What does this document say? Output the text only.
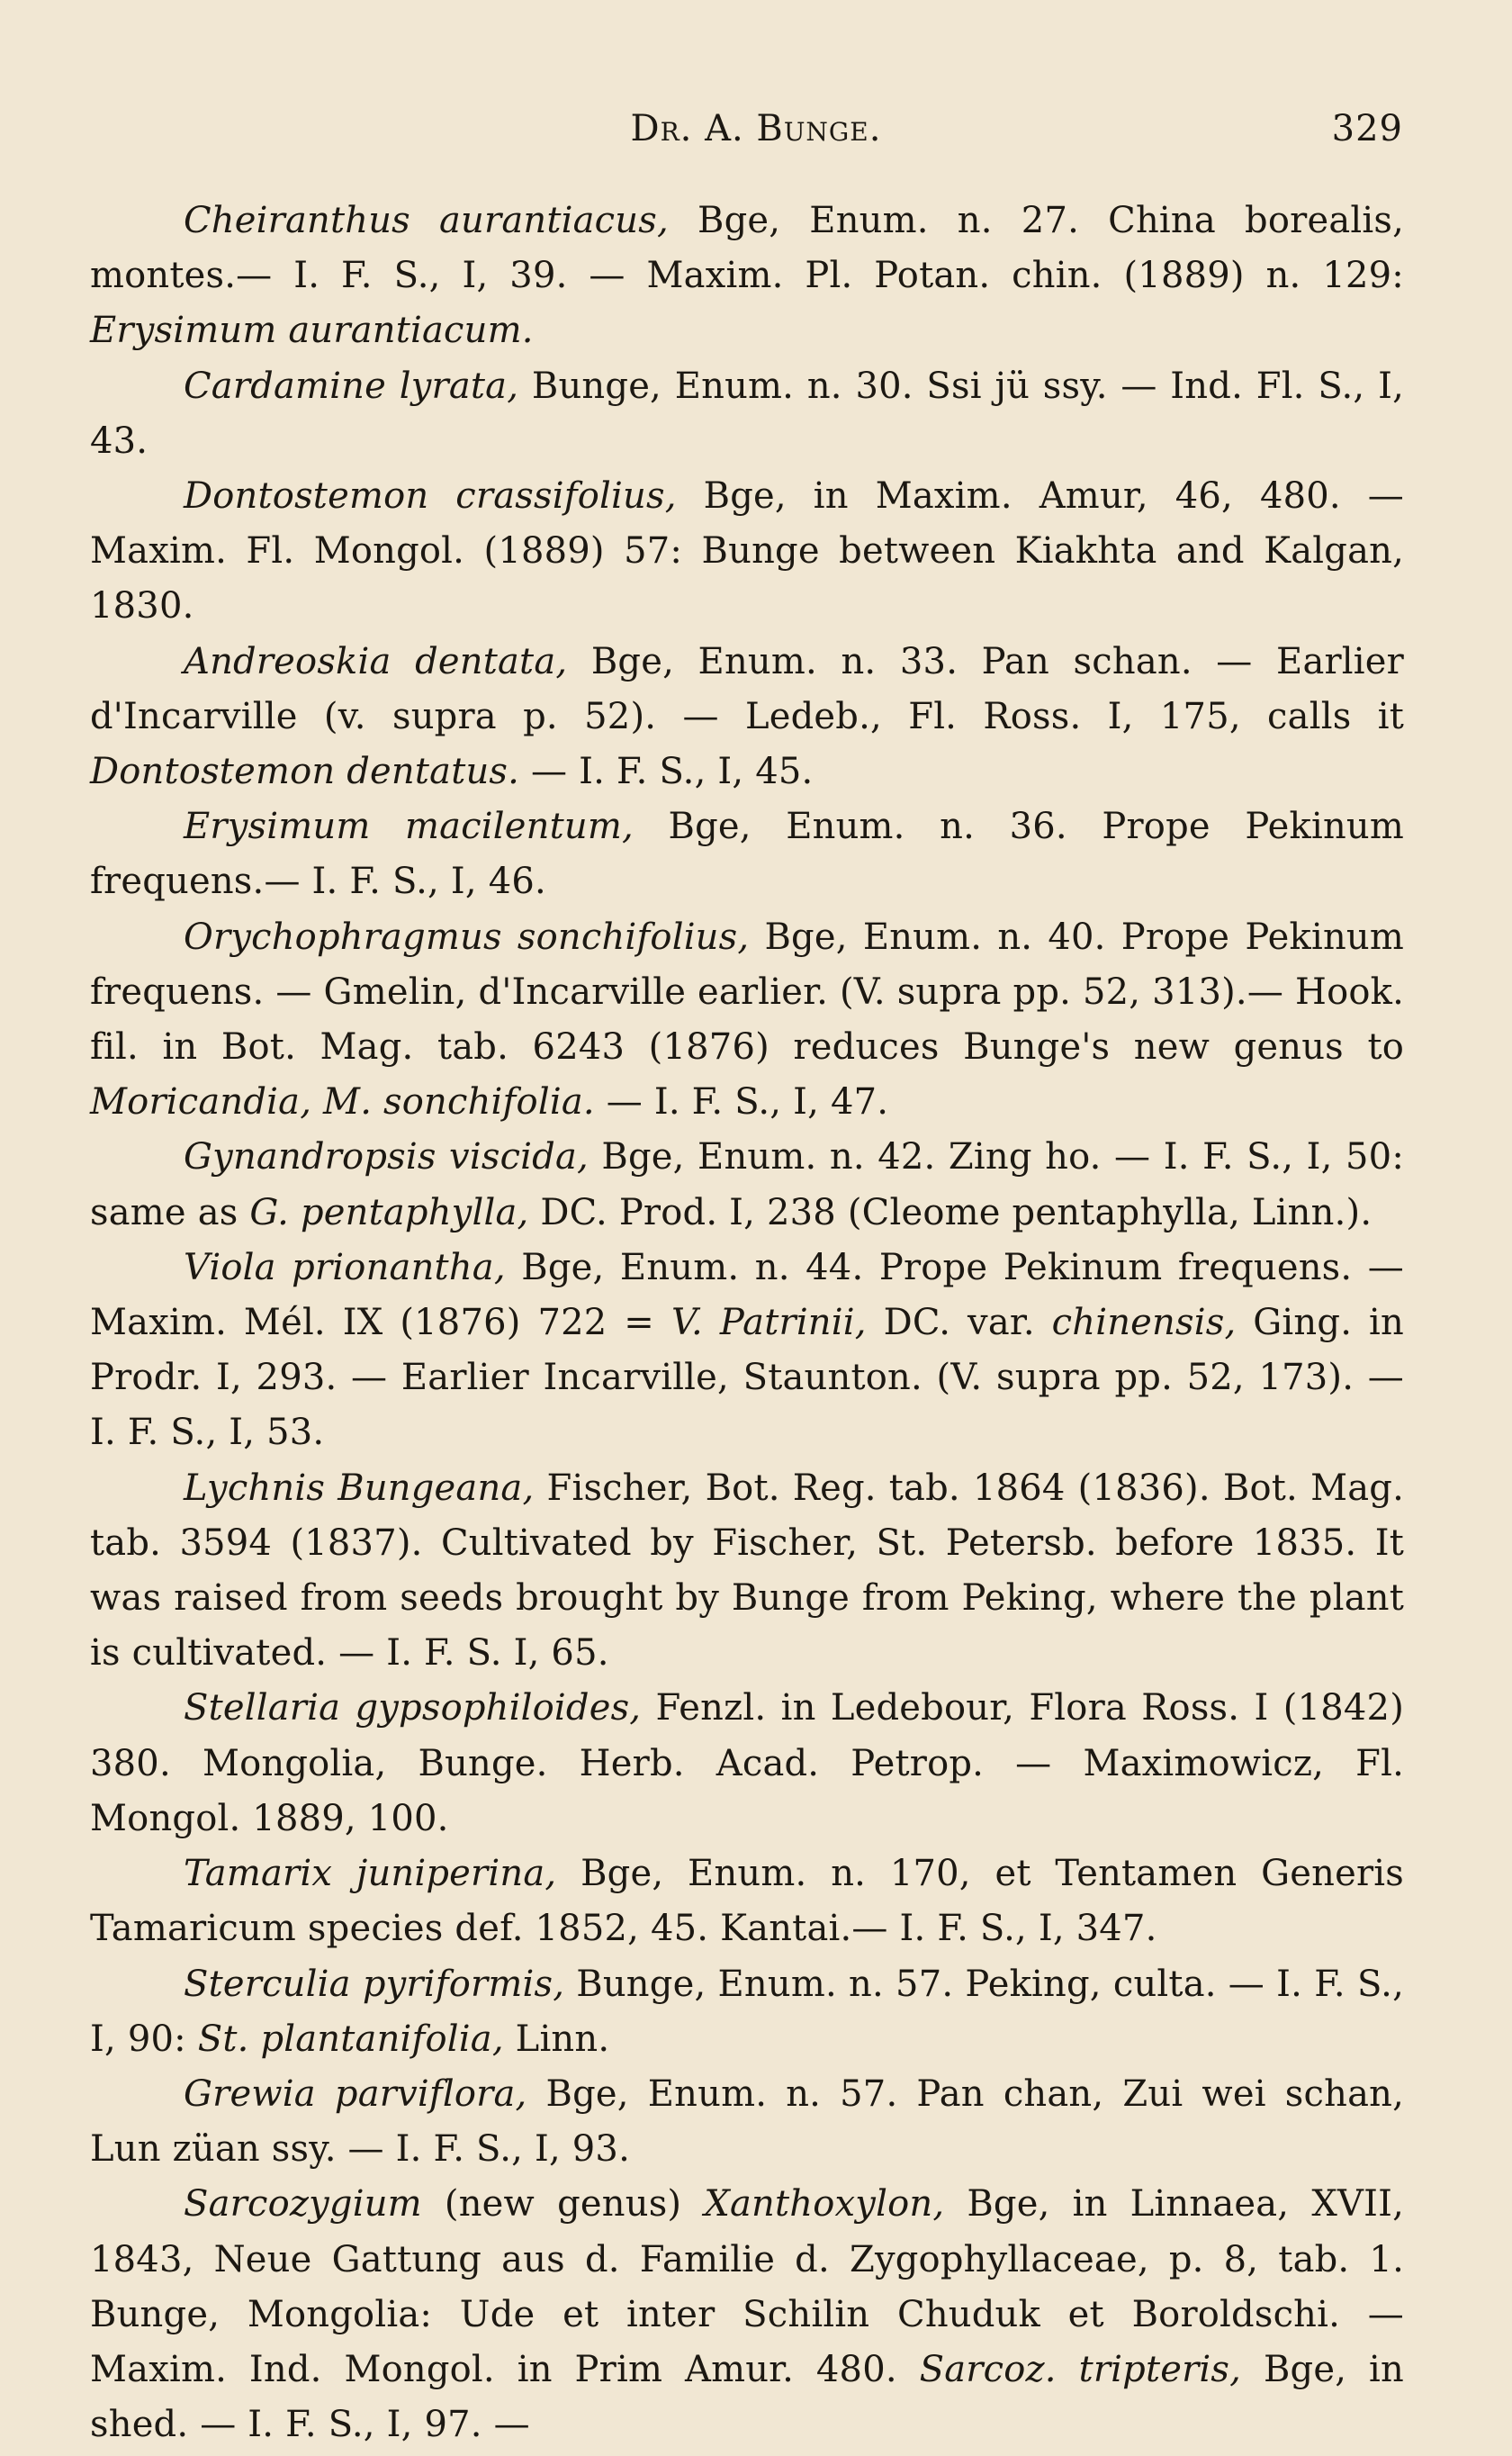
Dr. A. Bunge.	329

Cheiranthus aurantiacus, Bge, Enum. n. 27. China borealis, montes.— I. F. S., I, 39. — Maxim. Pl. Potan. chin. (1889) n. 129: Erysimum aurantiacum.

Cardamine lyrata, Bunge, Enum. n. 30. Ssi jü ssy. — Ind. Fl. S., I, 43.

Dontostemon crassifolius, Bge, in Maxim. Amur, 46, 480. — Maxim. Fl. Mongol. (1889) 57: Bunge between Kiakhta and Kalgan, 1830.

Andreoskia dentata, Bge, Enum. n. 33. Pan schan. — Earlier d'Incarville (v. supra p. 52). — Ledeb., Fl. Ross. I, 175, calls it Dontostemon dentatus. — I. F. S., I, 45.

Erysimum macilentum, Bge, Enum. n. 36. Prope Pekinum frequens.— I. F. S., I, 46.

Orychophragmus sonchifolius, Bge, Enum. n. 40. Prope Pekinum frequens. — Gmelin, d'Incarville earlier. (V. supra pp. 52, 313).— Hook. fil. in Bot. Mag. tab. 6243 (1876) reduces Bunge's new genus to Moricandia, M. sonchifolia. — I. F. S., I, 47.

Gynandropsis viscida, Bge, Enum. n. 42. Zing ho. — I. F. S., I, 50: same as G. pentaphylla, DC. Prod. I, 238 (Cleome pentaphylla, Linn.).

Viola prionantha, Bge, Enum. n. 44. Prope Pekinum frequens. — Maxim. Mél. IX (1876) 722 = V. Patrinii, DC. var. chinensis, Ging. in Prodr. I, 293. — Earlier Incarville, Staunton. (V. supra pp. 52, 173). — I. F. S., I, 53.

Lychnis Bungeana, Fischer, Bot. Reg. tab. 1864 (1836). Bot. Mag. tab. 3594 (1837). Cultivated by Fischer, St. Petersb. before 1835. It was raised from seeds brought by Bunge from Peking, where the plant is cultivated. — I. F. S. I, 65.

Stellaria gypsophiloides, Fenzl. in Ledebour, Flora Ross. I (1842) 380. Mongolia, Bunge. Herb. Acad. Petrop. — Maximowicz, Fl. Mongol. 1889, 100.

Tamarix juniperina, Bge, Enum. n. 170, et Tentamen Generis Tamaricum species def. 1852, 45. Kantai.— I. F. S., I, 347.

Sterculia pyriformis, Bunge, Enum. n. 57. Peking, culta. — I. F. S., I, 90: St. plantanifolia, Linn.

Grewia parviflora, Bge, Enum. n. 57. Pan chan, Zui wei schan, Lun züan ssy. — I. F. S., I, 93.

Sarcozygium (new genus) Xanthoxylon, Bge, in Linnaea, XVII, 1843, Neue Gattung aus d. Familie d. Zygophyllaceae, p. 8, tab. 1. Bunge, Mongolia: Ude et inter Schilin Chuduk et Boroldschi. — Maxim. Ind. Mongol. in Prim Amur. 480. Sarcoz. tripteris, Bge, in shed. — I. F. S., I, 97. —
